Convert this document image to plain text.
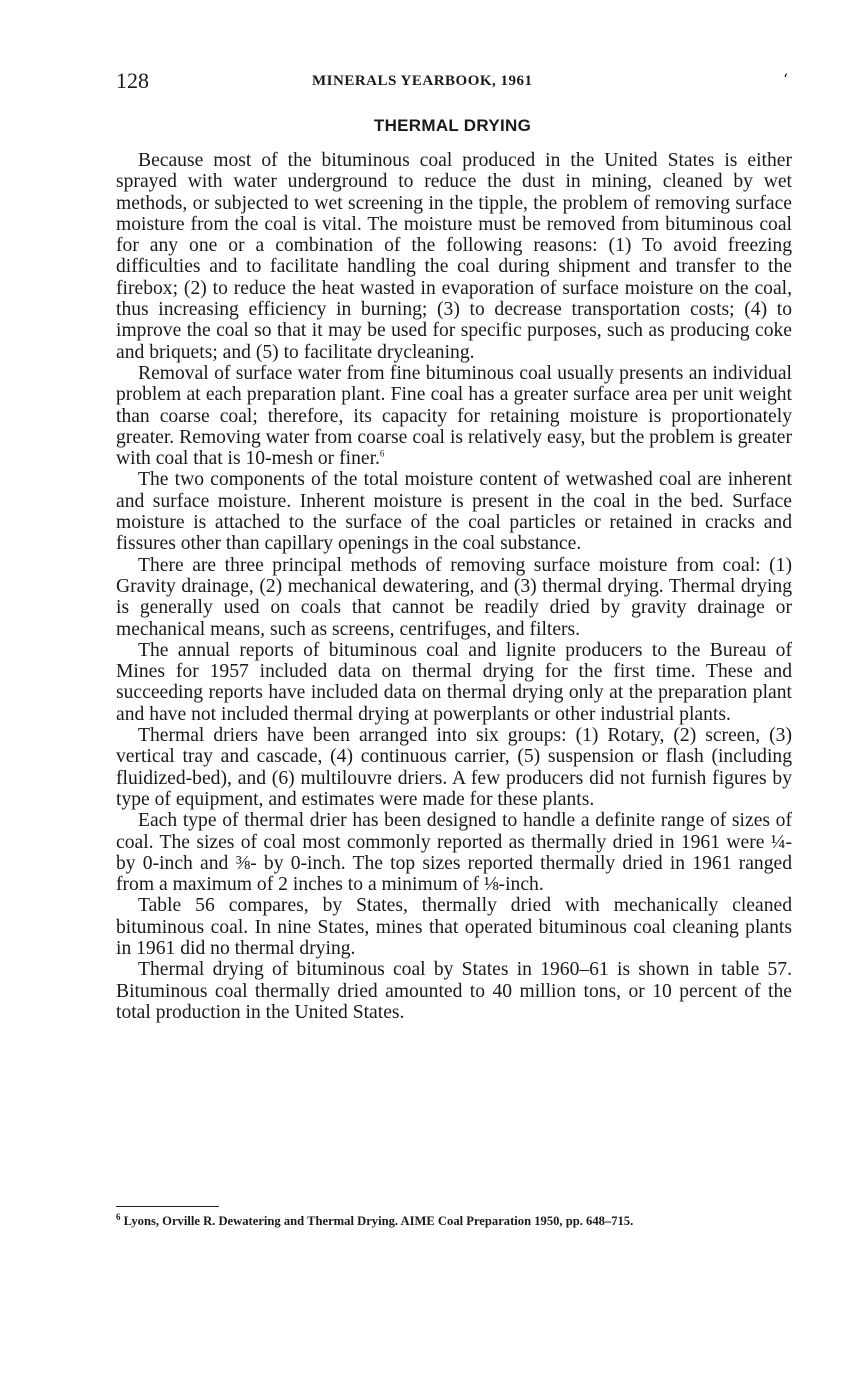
128	MINERALS YEARBOOK, 1961	‘
THERMAL DRYING

Because most of the bituminous coal produced in the United States is either sprayed with water underground to reduce the dust in mining, cleaned by wet methods, or subjected to wet screening in the tipple, the problem of removing surface moisture from the coal is vital. The moisture must be removed from bituminous coal for any one or a combination of the following reasons: (1) To avoid freezing difficulties and to facilitate handling the coal during shipment and transfer to the firebox; (2) to reduce the heat wasted in evaporation of surface moisture on the coal, thus increasing efficiency in burning; (3) to decrease transportation costs; (4) to improve the coal so that it may be used for specific purposes, such as producing coke and briquets; and (5) to facilitate drycleaning.

Removal of surface water from fine bituminous coal usually presents an individual problem at each preparation plant. Fine coal has a greater surface area per unit weight than coarse coal; therefore, its capacity for retaining moisture is proportionately greater. Removing water from coarse coal is relatively easy, but the problem is greater with coal that is 10-mesh or finer.$^6$

The two components of the total moisture content of wetwashed coal are inherent and surface moisture. Inherent moisture is present in the coal in the bed. Surface moisture is attached to the surface of the coal particles or retained in cracks and fissures other than capillary openings in the coal substance.

There are three principal methods of removing surface moisture from coal: (1) Gravity drainage, (2) mechanical dewatering, and (3) thermal drying. Thermal drying is generally used on coals that cannot be readily dried by gravity drainage or mechanical means, such as screens, centrifuges, and filters.

The annual reports of bituminous coal and lignite producers to the Bureau of Mines for 1957 included data on thermal drying for the first time. These and succeeding reports have included data on thermal drying only at the preparation plant and have not included thermal drying at powerplants or other industrial plants.

Thermal driers have been arranged into six groups: (1) Rotary, (2) screen, (3) vertical tray and cascade, (4) continuous carrier, (5) suspension or flash (including fluidized-bed), and (6) multilouvre driers. A few producers did not furnish figures by type of equipment, and estimates were made for these plants.

Each type of thermal drier has been designed to handle a definite range of sizes of coal. The sizes of coal most commonly reported as thermally dried in 1961 were ¼- by 0-inch and ⅜- by 0-inch. The top sizes reported thermally dried in 1961 ranged from a maximum of 2 inches to a minimum of ⅛-inch.

Table 56 compares, by States, thermally dried with mechanically cleaned bituminous coal. In nine States, mines that operated bituminous coal cleaning plants in 1961 did no thermal drying.

Thermal drying of bituminous coal by States in 1960–61 is shown in table 57. Bituminous coal thermally dried amounted to 40 million tons, or 10 percent of the total production in the United States.

$^6$ Lyons, Orville R. Dewatering and Thermal Drying. AIME Coal Preparation 1950, pp. 648–715.
